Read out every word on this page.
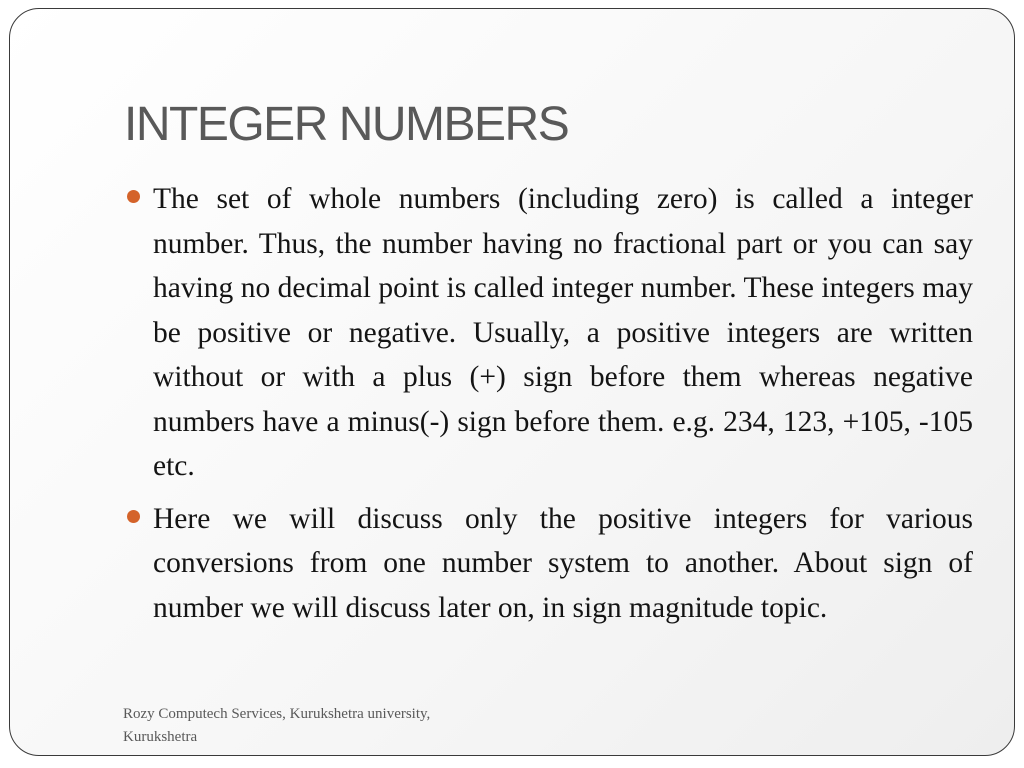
INTEGER NUMBERS
The set of whole numbers (including zero) is called a integer number. Thus, the number having no fractional part or you can say having no decimal point is called integer number. These integers may be positive or negative. Usually, a positive integers are written without or with a plus (+) sign before them whereas negative numbers have a minus(-) sign before them. e.g. 234, 123, +105, -105 etc.
Here we will discuss only the positive integers for various conversions from one number system to another. About sign of number we will discuss later on, in sign magnitude topic.
Rozy Computech Services, Kurukshetra university,
Kurukshetra
